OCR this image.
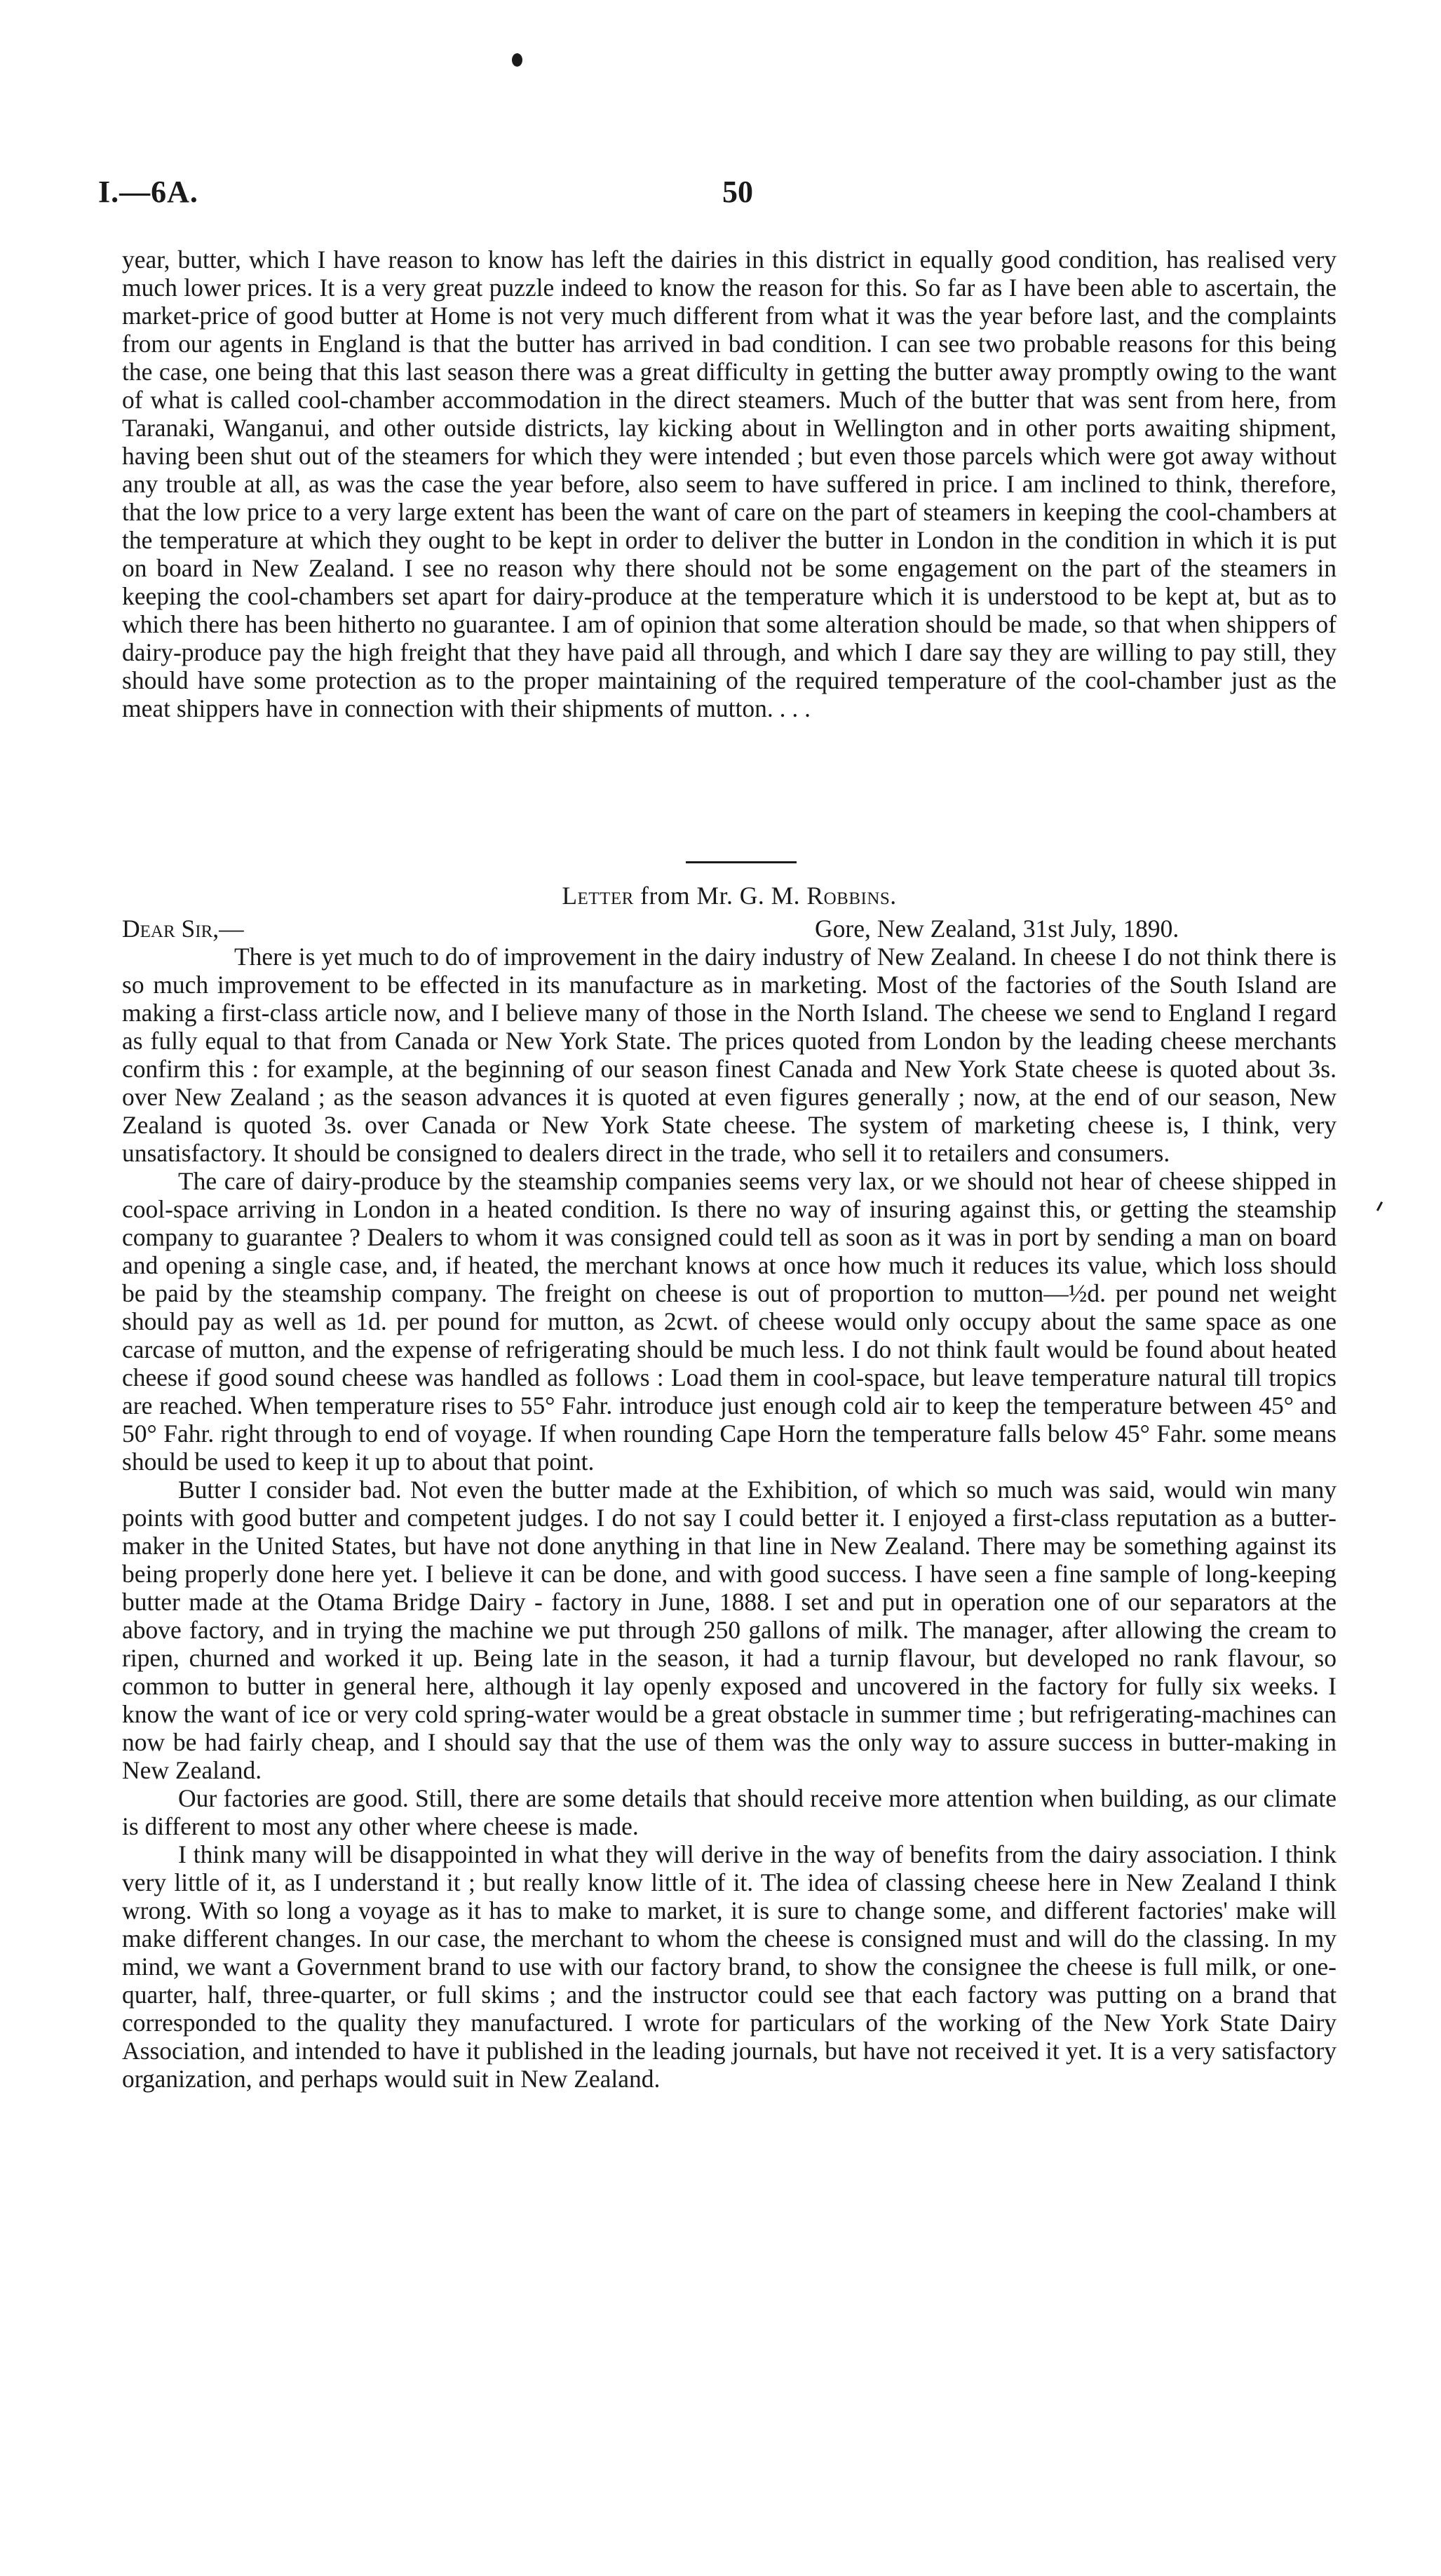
I.—6A.	50

year, butter, which I have reason to know has left the dairies in this district in equally good condition, has realised very much lower prices. It is a very great puzzle indeed to know the reason for this. So far as I have been able to ascertain, the market-price of good butter at Home is not very much different from what it was the year before last, and the complaints from our agents in England is that the butter has arrived in bad condition. I can see two probable reasons for this being the case, one being that this last season there was a great difficulty in getting the butter away promptly owing to the want of what is called cool-chamber accommodation in the direct steamers. Much of the butter that was sent from here, from Taranaki, Wanganui, and other outside districts, lay kicking about in Wellington and in other ports awaiting shipment, having been shut out of the steamers for which they were intended ; but even those parcels which were got away without any trouble at all, as was the case the year before, also seem to have suffered in price. I am inclined to think, therefore, that the low price to a very large extent has been the want of care on the part of steamers in keeping the cool-chambers at the temperature at which they ought to be kept in order to deliver the butter in London in the condition in which it is put on board in New Zealand. I see no reason why there should not be some engagement on the part of the steamers in keeping the cool-chambers set apart for dairy-produce at the temperature which it is understood to be kept at, but as to which there has been hitherto no guarantee. I am of opinion that some alteration should be made, so that when shippers of dairy-produce pay the high freight that they have paid all through, and which I dare say they are willing to pay still, they should have some protection as to the proper maintaining of the required temperature of the cool-chamber just as the meat shippers have in connection with their shipments of mutton. . . .

Letter from Mr. G. M. Robbins.
Dear Sir,—	Gore, New Zealand, 31st July, 1890.

There is yet much to do of improvement in the dairy industry of New Zealand. In cheese I do not think there is so much improvement to be effected in its manufacture as in marketing. Most of the factories of the South Island are making a first-class article now, and I believe many of those in the North Island. The cheese we send to England I regard as fully equal to that from Canada or New York State. The prices quoted from London by the leading cheese merchants confirm this : for example, at the beginning of our season finest Canada and New York State cheese is quoted about 3s. over New Zealand ; as the season advances it is quoted at even figures generally ; now, at the end of our season, New Zealand is quoted 3s. over Canada or New York State cheese. The system of marketing cheese is, I think, very unsatisfactory. It should be consigned to dealers direct in the trade, who sell it to retailers and consumers.

The care of dairy-produce by the steamship companies seems very lax, or we should not hear of cheese shipped in cool-space arriving in London in a heated condition. Is there no way of insuring against this, or getting the steamship company to guarantee ? Dealers to whom it was consigned could tell as soon as it was in port by sending a man on board and opening a single case, and, if heated, the merchant knows at once how much it reduces its value, which loss should be paid by the steamship company. The freight on cheese is out of proportion to mutton—½d. per pound net weight should pay as well as 1d. per pound for mutton, as 2cwt. of cheese would only occupy about the same space as one carcase of mutton, and the expense of refrigerating should be much less. I do not think fault would be found about heated cheese if good sound cheese was handled as follows : Load them in cool-space, but leave temperature natural till tropics are reached. When temperature rises to 55° Fahr. introduce just enough cold air to keep the temperature between 45° and 50° Fahr. right through to end of voyage. If when rounding Cape Horn the temperature falls below 45° Fahr. some means should be used to keep it up to about that point.

Butter I consider bad. Not even the butter made at the Exhibition, of which so much was said, would win many points with good butter and competent judges. I do not say I could better it. I enjoyed a first-class reputation as a butter-maker in the United States, but have not done anything in that line in New Zealand. There may be something against its being properly done here yet. I believe it can be done, and with good success. I have seen a fine sample of long-keeping butter made at the Otama Bridge Dairy - factory in June, 1888. I set and put in operation one of our separators at the above factory, and in trying the machine we put through 250 gallons of milk. The manager, after allowing the cream to ripen, churned and worked it up. Being late in the season, it had a turnip flavour, but developed no rank flavour, so common to butter in general here, although it lay openly exposed and uncovered in the factory for fully six weeks. I know the want of ice or very cold spring-water would be a great obstacle in summer time ; but refrigerating-machines can now be had fairly cheap, and I should say that the use of them was the only way to assure success in butter-making in New Zealand.

Our factories are good. Still, there are some details that should receive more attention when building, as our climate is different to most any other where cheese is made.

I think many will be disappointed in what they will derive in the way of benefits from the dairy association. I think very little of it, as I understand it ; but really know little of it. The idea of classing cheese here in New Zealand I think wrong. With so long a voyage as it has to make to market, it is sure to change some, and different factories' make will make different changes. In our case, the merchant to whom the cheese is consigned must and will do the classing. In my mind, we want a Government brand to use with our factory brand, to show the consignee the cheese is full milk, or one-quarter, half, three-quarter, or full skims ; and the instructor could see that each factory was putting on a brand that corresponded to the quality they manufactured. I wrote for particulars of the working of the New York State Dairy Association, and intended to have it published in the leading journals, but have not received it yet. It is a very satisfactory organization, and perhaps would suit in New Zealand.
